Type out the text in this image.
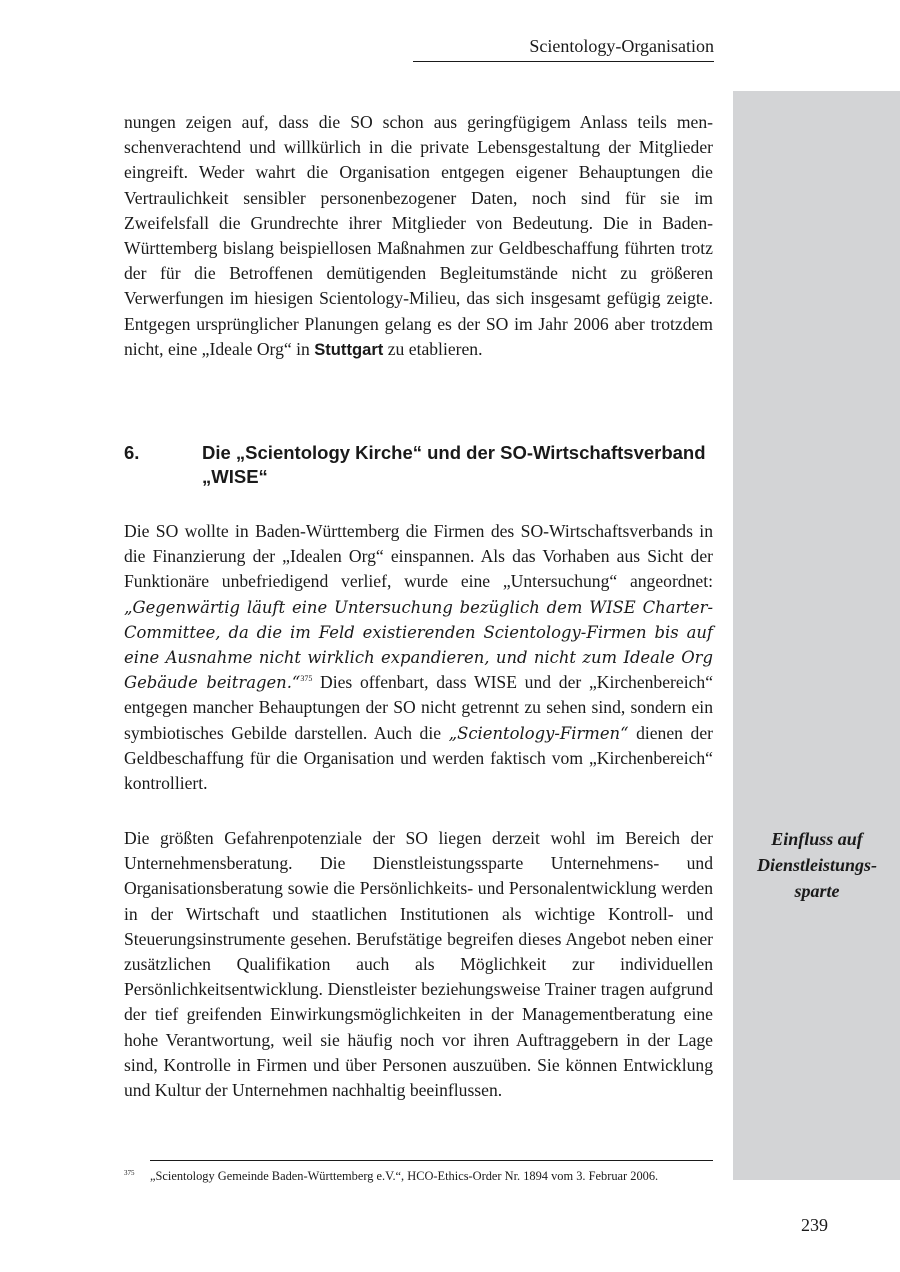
Scientology-Organisation

nungen zeigen auf, dass die SO schon aus geringfügigem Anlass teils menschenverachtend und willkürlich in die private Lebensgestaltung der Mitglieder eingreift. Weder wahrt die Organisation entgegen eigener Behauptungen die Vertraulichkeit sensibler personenbezogener Daten, noch sind für sie im Zweifelsfall die Grundrechte ihrer Mitglieder von Bedeutung. Die in Baden-Württemberg bislang beispiellosen Maßnahmen zur Geldbeschaffung führten trotz der für die Betroffenen demütigenden Begleitumstände nicht zu größeren Verwerfungen im hiesigen Scientology-Milieu, das sich insgesamt gefügig zeigte. Entgegen ursprünglicher Planungen gelang es der SO im Jahr 2006 aber trotzdem nicht, eine „Ideale Org“ in Stuttgart zu etablieren.

6.	Die „Scientology Kirche“ und der SO-Wirtschaftsverband „WISE“

Die SO wollte in Baden-Württemberg die Firmen des SO-Wirtschaftsverbands in die Finanzierung der „Idealen Org“ einspannen. Als das Vorhaben aus Sicht der Funktionäre unbefriedigend verlief, wurde eine „Untersuchung“ angeordnet: „Gegenwärtig läuft eine Untersuchung bezüglich dem WISE Charter-Committee, da die im Feld existierenden Scientology-Firmen bis auf eine Ausnahme nicht wirklich expandieren, und nicht zum Ideale Org Gebäude beitragen.“$^{375}$ Dies offenbart, dass WISE und der „Kirchenbereich“ entgegen mancher Behauptungen der SO nicht getrennt zu sehen sind, sondern ein symbiotisches Gebilde darstellen. Auch die „Scientology-Firmen“ dienen der Geldbeschaffung für die Organisation und werden faktisch vom „Kirchenbereich“ kontrolliert.

Die größten Gefahrenpotenziale der SO liegen derzeit wohl im Bereich der Unternehmensberatung. Die Dienstleistungssparte Unternehmens- und Organisationsberatung sowie die Persönlichkeits- und Personalentwicklung werden in der Wirtschaft und staatlichen Institutionen als wichtige Kontroll- und Steuerungsinstrumente gesehen. Berufstätige begreifen dieses Angebot neben einer zusätzlichen Qualifikation auch als Möglichkeit zur individuellen Persönlichkeitsentwicklung. Dienstleister beziehungsweise Trainer tragen aufgrund der tief greifenden Einwirkungsmöglichkeiten in der Managementberatung eine hohe Verantwortung, weil sie häufig noch vor ihren Auftraggebern in der Lage sind, Kontrolle in Firmen und über Personen auszuüben. Sie können Entwicklung und Kultur der Unternehmen nachhaltig beeinflussen.

Einfluss auf Dienstleistungs- sparte
375 „Scientology Gemeinde Baden-Württemberg e.V.“, HCO-Ethics-Order Nr. 1894 vom 3. Februar 2006.
239
